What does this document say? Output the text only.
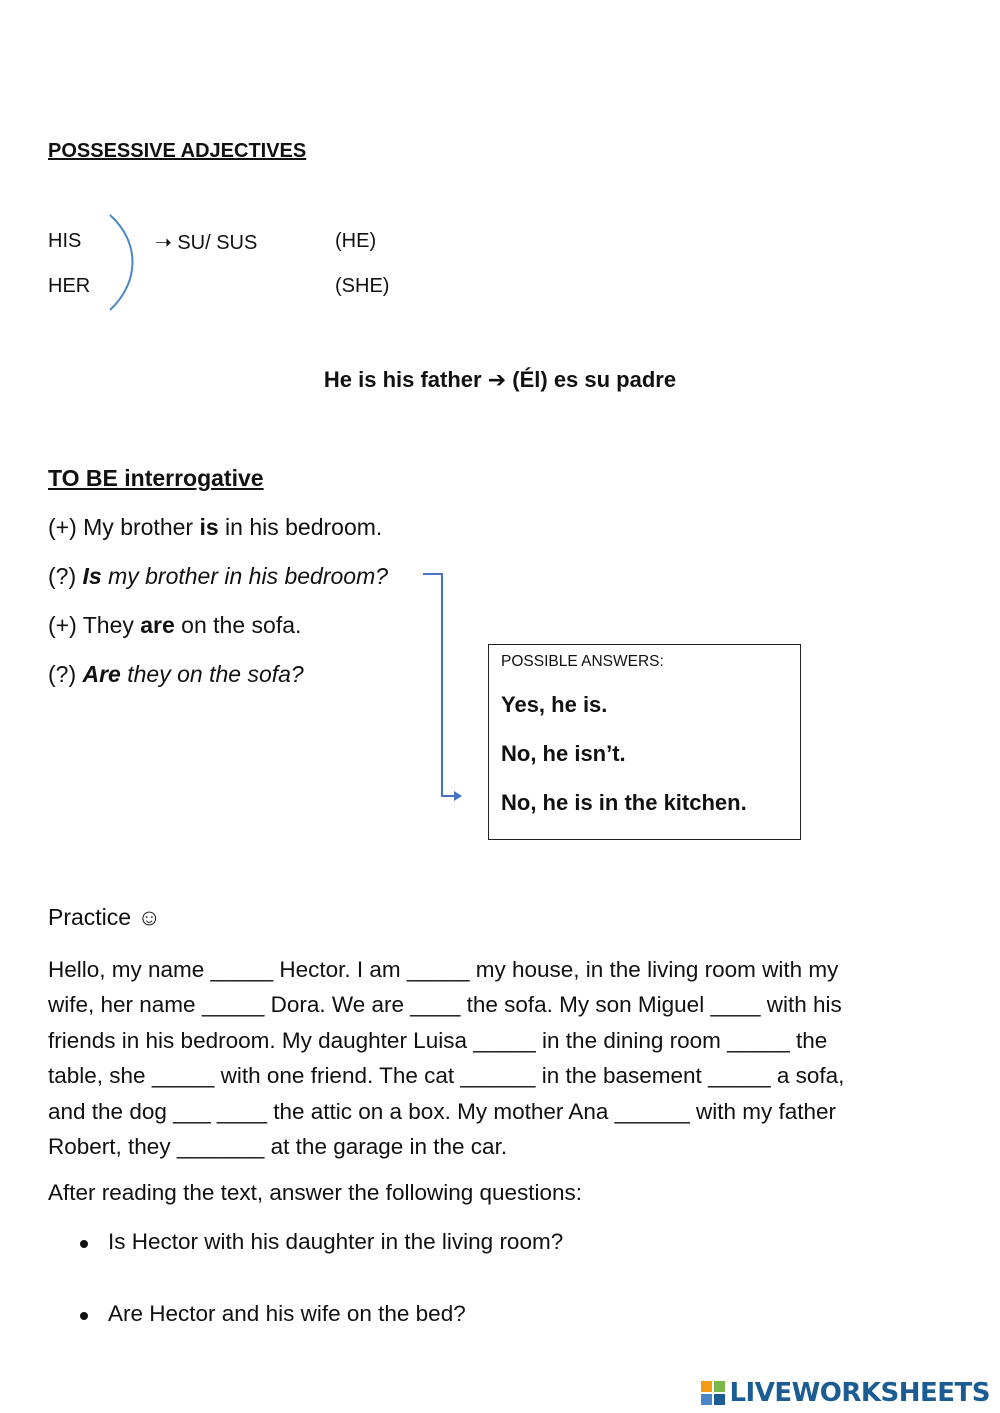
POSSESSIVE ADJECTIVES
HIS
HER
➝ SU/ SUS	(HE)
(SHE)
He is his father ➔ (Él) es su padre
TO BE interrogative
(+) My brother is in his bedroom.
(?) Is my brother in his bedroom?
(+) They are on the sofa.
(?) Are they on the sofa?	POSSIBLE ANSWERS:
Yes, he is.
No, he isn’t.
No, he is in the kitchen.
Practice ☺
Hello, my name _____ Hector. I am _____ my house, in the living room with my
wife, her name _____ Dora. We are ____ the sofa. My son Miguel ____ with his
friends in his bedroom. My daughter Luisa _____ in the dining room _____ the
table, she _____ with one friend. The cat ______ in the basement _____ a sofa,
and the dog ___ ____ the attic on a box. My mother Ana ______ with my father
Robert, they _______ at the garage in the car.
After reading the text, answer the following questions:
Is Hector with his daughter in the living room?
Are Hector and his wife on the bed?
LIVEWORKSHEETS
